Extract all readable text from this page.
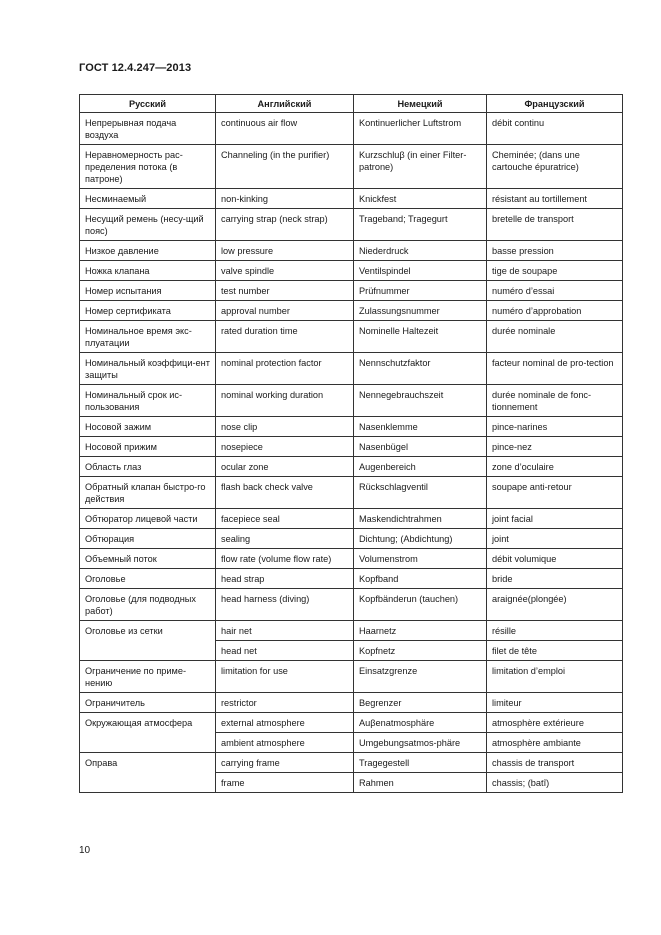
ГОСТ 12.4.247—2013
Русский	Английский	Немецкий	Французский
Непрерывная подача воздуха	continuous air flow	Kontinuerlicher Luftstrom	débit continu
Неравномерность рас-пределения потока (в патроне)	Channeling (in the purifier)	Kurzschluβ (in einer Filter-patrone)	Cheminée; (dans une cartouche épuratrice)
Несминаемый	non-kinking	Knickfest	résistant au tortillement
Несущий ремень (несу-щий пояс)	carrying strap (neck strap)	Trageband; Tragegurt	bretelle de transport
Низкое давление	low pressure	Niederdruck	basse pression
Ножка клапана	valve spindle	Ventilspindel	tige de soupape
Номер испытания	test number	Prüfnummer	numéro d’essai
Номер сертификата	approval number	Zulassungsnummer	numéro d’approbation
Номинальное время экс-плуатации	rated duration time	Nominelle Haltezeit	durée nominale
Номинальный коэффици-ент защиты	nominal protection factor	Nennschutzfaktor	facteur nominal de pro-tection
Номинальный срок ис-пользования	nominal working duration	Nennegebrauchszeit	durée nominale de fonc-tionnement
Носовой зажим	nose clip	Nasenklemme	pince-narines
Носовой прижим	nosepiece	Nasenbügel	pince-nez
Область глаз	ocular zone	Augenbereich	zone d’oculaire
Обратный клапан быстро-го действия	flash back check valve	Rückschlagventil	soupape anti-retour
Обтюратор лицевой части	facepiece seal	Maskendichtrahmen	joint facial
Обтюрация	sealing	Dichtung; (Abdichtung)	joint
Объемный поток	flow rate (volume flow rate)	Volumenstrom	débit volumique
Оголовье	head strap	Kopfband	bride
Оголовье (для подводных работ)	head harness (diving)	Kopfbänderun (tauchen)	araignée(plongée)
Оголовье из сетки	hair net	Haarnetz	résille
	head net	Kopfnetz	filet de tête
Ограничение по приме-нению	limitation for use	Einsatzgrenze	limitation d’emploi
Ограничитель	restrictor	Begrenzer	limiteur
Окружающая атмосфера	external atmosphere	Auβenatmosphäre	atmosphère extérieure
	ambient atmosphere	Umgebungsatmos-phäre	atmosphère ambiante
Оправа	carrying frame	Tragegestell	chassis de transport
	frame	Rahmen	chassis; (batî)
10
